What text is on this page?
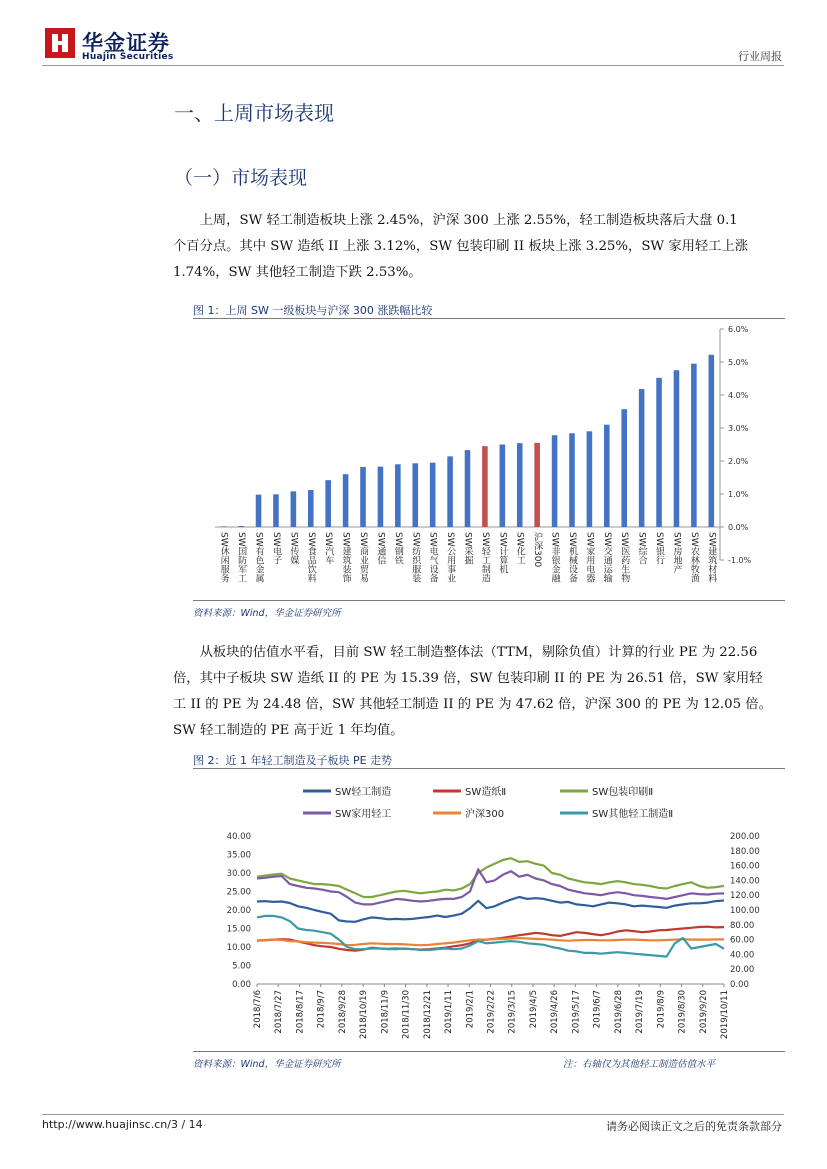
华金证券
Huajin Securities	行业周报
一、上周市场表现
（一）市场表现
上周，SW 轻工制造板块上涨 2.45%，沪深 300 上涨 2.55%，轻工制造板块落后大盘 0.1
个百分点。其中 SW 造纸 II 上涨 3.12%，SW 包装印刷 II 板块上涨 3.25%，SW 家用轻工上涨
1.74%，SW 其他轻工制造下跌 2.53%。
图 1：上周 SW 一级板块与沪深 300 涨跌幅比较
-1.0%
0.0%
1.0%
2.0%
3.0%
4.0%
5.0%
6.0%
SW休闲服务 SW国防军工 SW有色金属 SW电子 SW传媒 SW食品饮料 SW汽车 SW建筑装饰 SW商业贸易 SW通信 SW钢铁 SW纺织服装 SW电气设备 SW公用事业 SW采掘 SW轻工制造 SW计算机 SW化工 沪深300 SW非银金融 SW机械设备 SW家用电器 SW交通运输 SW医药生物 SW综合 SW银行 SW房地产 SW农林牧渔 SW建筑材料
资料来源：Wind，华金证券研究所
从板块的估值水平看，目前 SW 轻工制造整体法（TTM，剔除负值）计算的行业 PE 为 22.56
倍，其中子板块 SW 造纸 II 的 PE 为 15.39 倍，SW 包装印刷 II 的 PE 为 26.51 倍，SW 家用轻
工 II 的 PE 为 24.48 倍，SW 其他轻工制造 II 的 PE 为 47.62 倍，沪深 300 的 PE 为 12.05 倍。
SW 轻工制造的 PE 高于近 1 年均值。
图 2：近 1 年轻工制造及子板块 PE 走势
SW轻工制造	SW造纸Ⅱ	SW包装印刷Ⅱ
SW家用轻工	沪深300	SW其他轻工制造Ⅱ
0.00
5.00
10.00
15.00
20.00
25.00
30.00
35.00
40.00
0.00
20.00
40.00
60.00
80.00
100.00
120.00
140.00
160.00
180.00
200.00
2018/7/6 2018/7/27 2018/8/17 2018/9/7 2018/9/28 2018/10/19 2018/11/9 2018/11/30 2018/12/21 2019/1/11 2019/2/1 2019/2/22 2019/3/15 2019/4/5 2019/4/26 2019/5/17 2019/6/7 2019/6/28 2019/7/19 2019/8/9 2019/8/30 2019/9/20 2019/10/11
资料来源：Wind，华金证券研究所	注：右轴仅为其他轻工制造估值水平
http://www.huajinsc.cn/3 / 14	请务必阅读正文之后的免责条款部分
